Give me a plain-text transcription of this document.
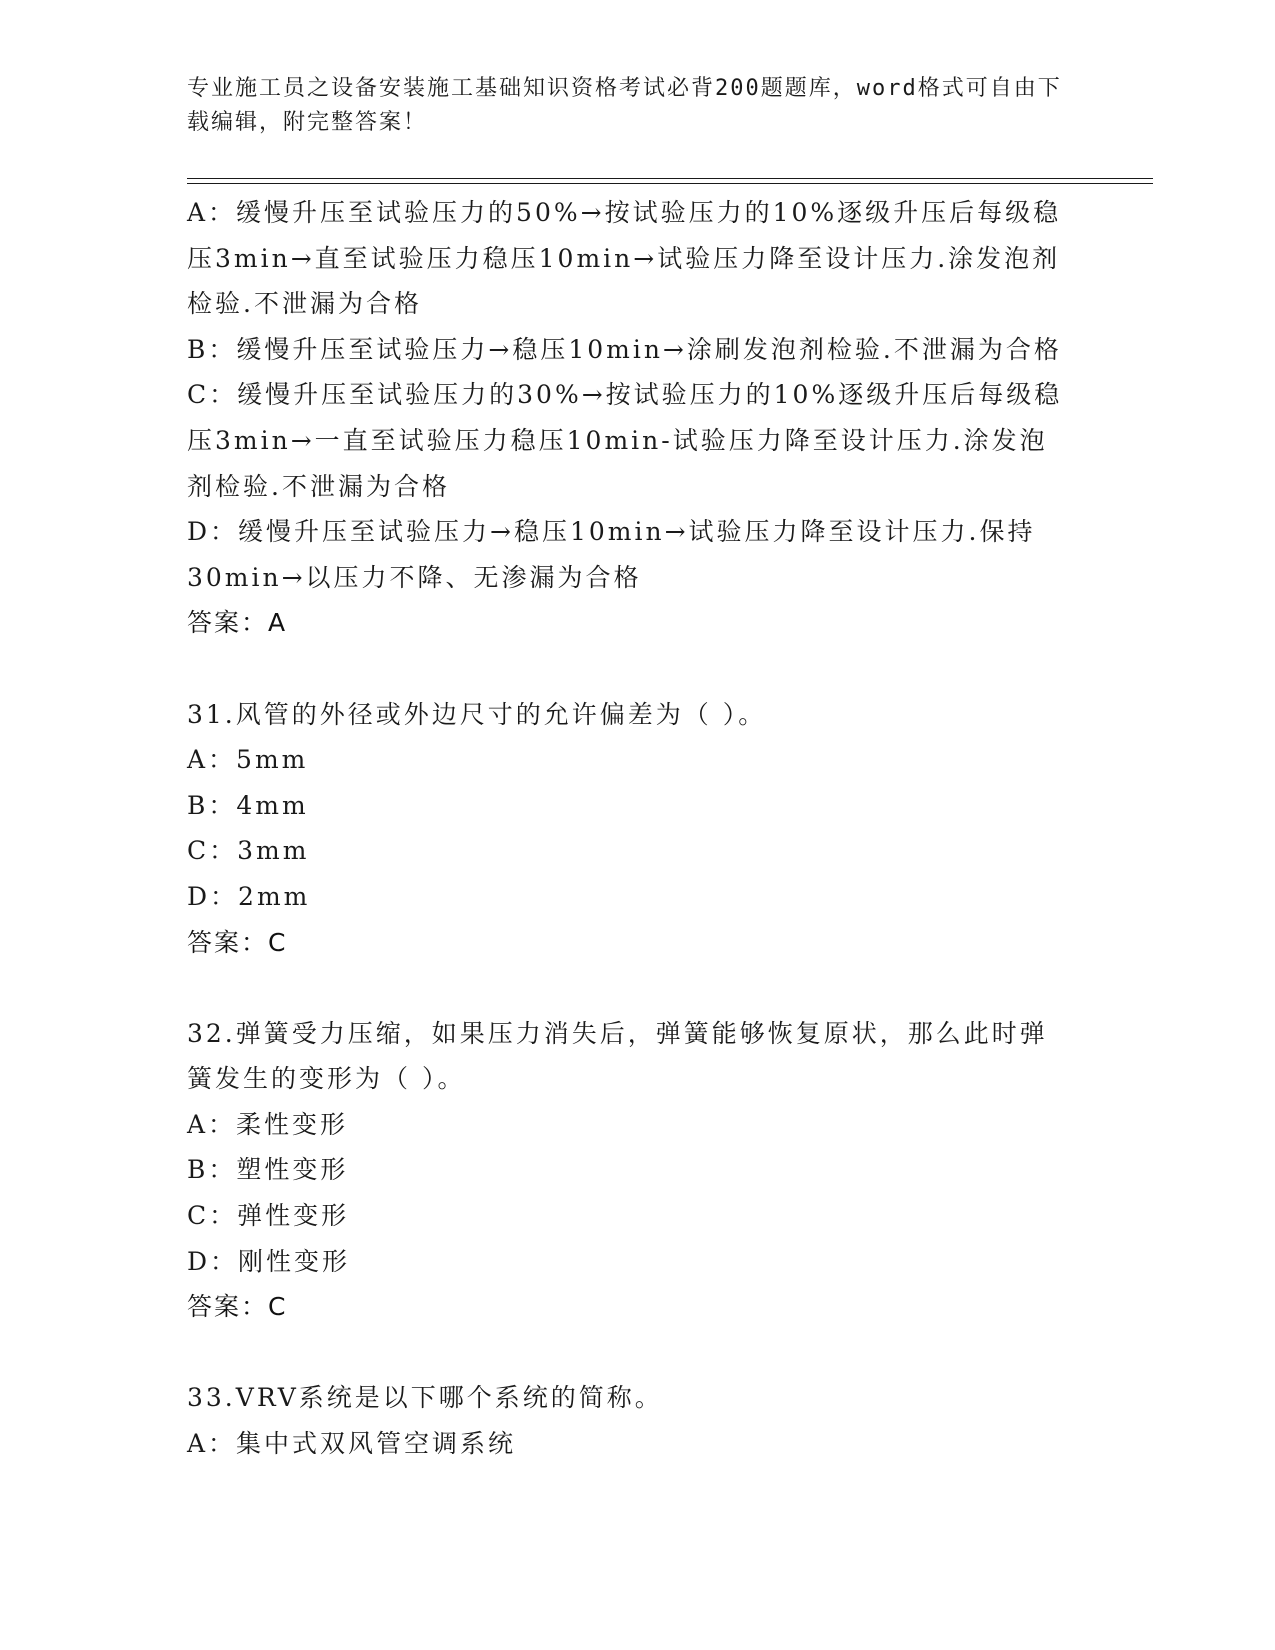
专业施工员之设备安装施工基础知识资格考试必背200题题库，word格式可自由下载编辑，附完整答案！
A：缓慢升压至试验压力的50%→按试验压力的10%逐级升压后每级稳
压3min→直至试验压力稳压10min→试验压力降至设计压力.涂发泡剂
检验.不泄漏为合格
B：缓慢升压至试验压力→稳压10min→涂刷发泡剂检验.不泄漏为合格
C：缓慢升压至试验压力的30%→按试验压力的10%逐级升压后每级稳
压3min→一直至试验压力稳压10min-试验压力降至设计压力.涂发泡
剂检验.不泄漏为合格
D：缓慢升压至试验压力→稳压10min→试验压力降至设计压力.保持
30min→以压力不降、无渗漏为合格
答案：A
31.风管的外径或外边尺寸的允许偏差为（ ）。
A：5mm
B：4mm
C：3mm
D：2mm
答案：C
32.弹簧受力压缩，如果压力消失后，弹簧能够恢复原状，那么此时弹
簧发生的变形为（ ）。
A：柔性变形
B：塑性变形
C：弹性变形
D：刚性变形
答案：C
33.VRV系统是以下哪个系统的简称。
A：集中式双风管空调系统
